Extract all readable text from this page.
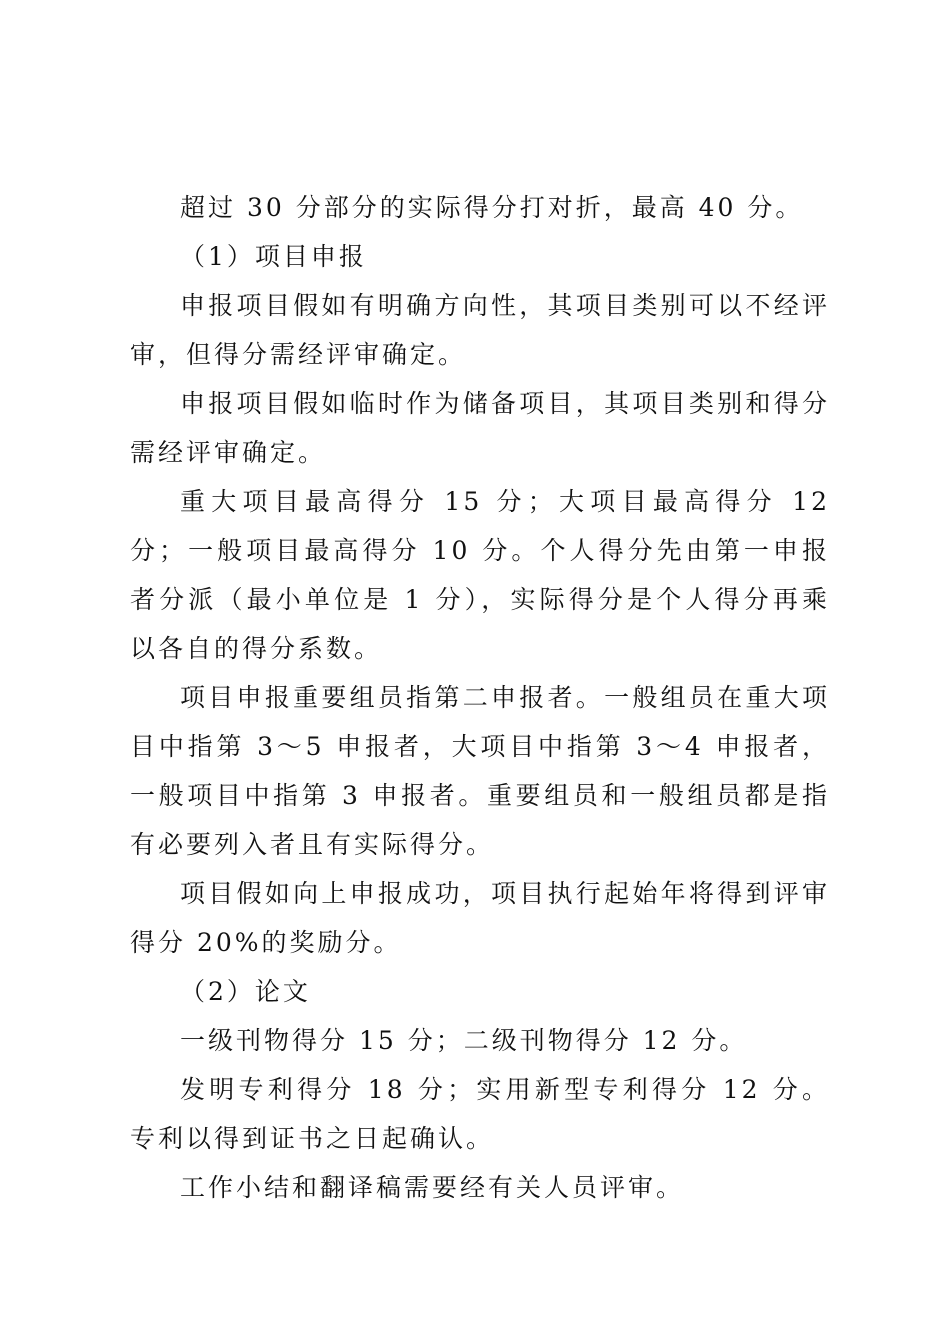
超过 30 分部分的实际得分打对折，最高 40 分。

（1）项目申报

申报项目假如有明确方向性，其项目类别可以不经评审，但得分需经评审确定。

申报项目假如临时作为储备项目，其项目类别和得分需经评审确定。

重大项目最高得分 15 分；大项目最高得分 12 分；一般项目最高得分 10 分。个人得分先由第一申报者分派（最小单位是 1 分），实际得分是个人得分再乘以各自的得分系数。

项目申报重要组员指第二申报者。一般组员在重大项目中指第 3～5 申报者，大项目中指第 3～4 申报者，一般项目中指第 3 申报者。重要组员和一般组员都是指有必要列入者且有实际得分。

项目假如向上申报成功，项目执行起始年将得到评审得分 20%的奖励分。

（2）论文

一级刊物得分 15 分；二级刊物得分 12 分。

发明专利得分 18 分；实用新型专利得分 12 分。专利以得到证书之日起确认。

工作小结和翻译稿需要经有关人员评审。
